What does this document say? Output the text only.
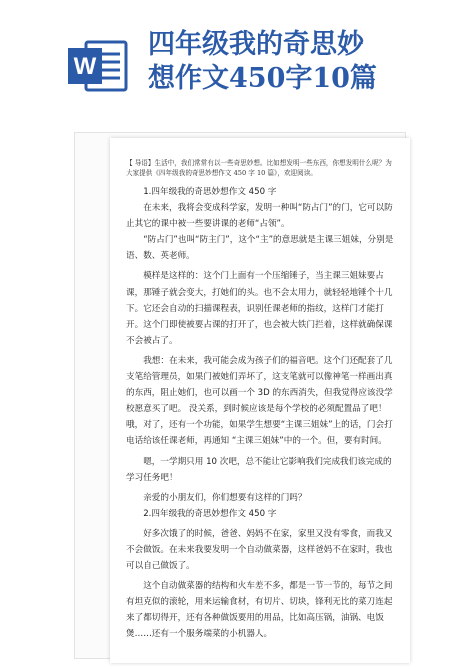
W
四年级我的奇思妙
想作文450字10篇

【 导语】生活中，我们常常有以一些奇思妙想。比如想发明一些东西，你想发明什么呢？为大家提供《四年级我的奇思妙想作文 450 字 10 篇》，欢迎阅读。

1.四年级我的奇思妙想作文 450 字

在未来，我将会变成科学家，发明一种叫“防占门”的门，它可以防止其它的课中被一些要讲课的老师“占领”。

“防占门”也叫“防主门”，这个“主”的意思就是主课三姐妹，分别是语、数、英老师。

模样是这样的：这个门上面有一个压缩锤子，当主课三姐妹要占课，那锤子就会变大，打她们的头。也不会太用力，就轻轻地锤个十几下。它还会自动的扫描课程表，识别任课老师的指纹，这样门才能打开。这个门即使被要占课的打开了，也会被大铁门拦着，这样就确保课不会被占了。

我想：在未来，我可能会成为孩子们的福音吧。这个门还配套了几支笔给管理员，如果门被她们弄坏了，这支笔就可以像神笔一样画出真的东西，阻止她们，也可以画一个 3D 的东西消失，但我觉得应该没学校愿意买了吧。 没关系，到时候应该是每个学校的必须配置品了吧！哦，对了，还有一个功能，如果学生想要“主课三姐妹”上的话，门会打电话给该任课老师，再通知 “主课三姐妹”中的一个。但，要有时间。

嗯，一学期只用 10 次吧，总不能让它影响我们完成我们该完成的学习任务吧！

亲爱的小朋友们，你们想要有这样的门吗？

2.四年级我的奇思妙想作文 450 字

好多次饿了的时候，爸爸、妈妈不在家，家里又没有零食，而我又不会做饭。在未来我要发明一个自动做菜器，这样爸妈不在家时，我也可以自己做饭了。

这个自动做菜器的结构和火车差不多，都是一节一节的，每节之间有坦克似的滚轮，用来运输食材，有切片、切块，锋利无比的菜刀连起来了都切得开，还有各种做饭要用的用品，比如高压锅，油锅、电饭煲……还有一个服务端菜的小机器人。
